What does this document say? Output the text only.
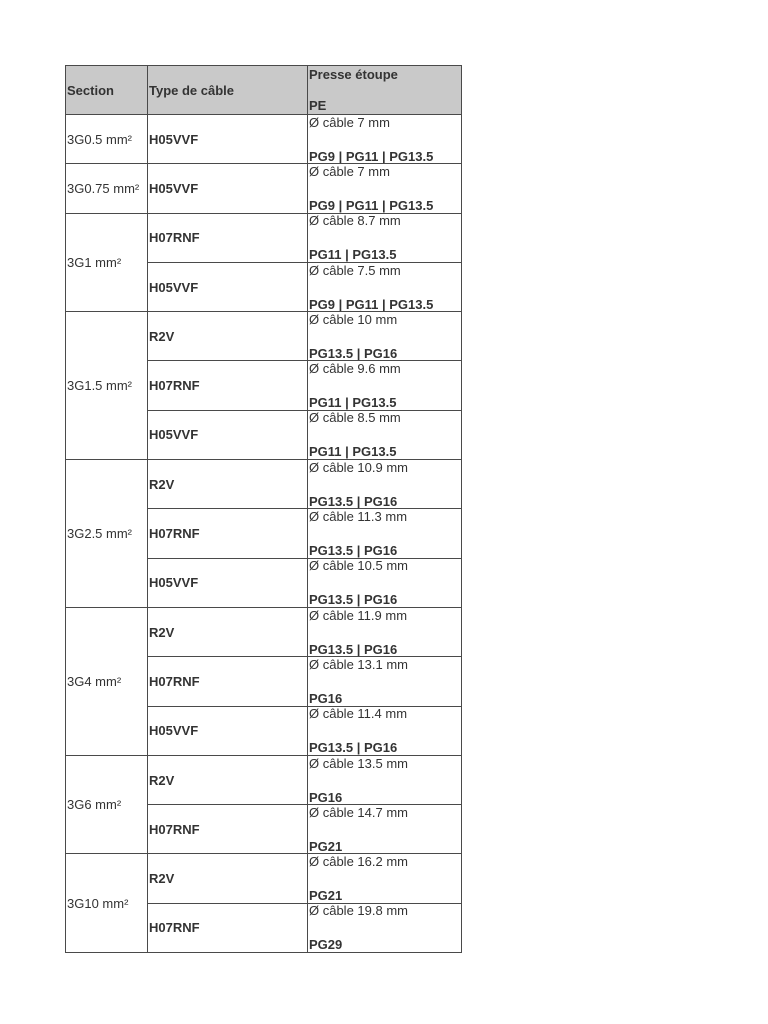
Section	Type de câble	Presse étoupe
PE

3G0.5 mm²	H05VVF	Ø câble 7 mm
PG9 | PG11 | PG13.5

3G0.75 mm²	H05VVF	Ø câble 7 mm
PG9 | PG11 | PG13.5

3G1 mm²	H07RNF	Ø câble 8.7 mm
PG11 | PG13.5

	H05VVF	Ø câble 7.5 mm
PG9 | PG11 | PG13.5

3G1.5 mm²	R2V	Ø câble 10 mm
PG13.5 | PG16

	H07RNF	Ø câble 9.6 mm
PG11 | PG13.5

	H05VVF	Ø câble 8.5 mm
PG11 | PG13.5

3G2.5 mm²	R2V	Ø câble 10.9 mm
PG13.5 | PG16

	H07RNF	Ø câble 11.3 mm
PG13.5 | PG16

	H05VVF	Ø câble 10.5 mm
PG13.5 | PG16

3G4 mm²	R2V	Ø câble 11.9 mm
PG13.5 | PG16

	H07RNF	Ø câble 13.1 mm
PG16

	H05VVF	Ø câble 11.4 mm
PG13.5 | PG16

3G6 mm²	R2V	Ø câble 13.5 mm
PG16

	H07RNF	Ø câble 14.7 mm
PG21

3G10 mm²	R2V	Ø câble 16.2 mm
PG21

	H07RNF	Ø câble 19.8 mm
PG29
